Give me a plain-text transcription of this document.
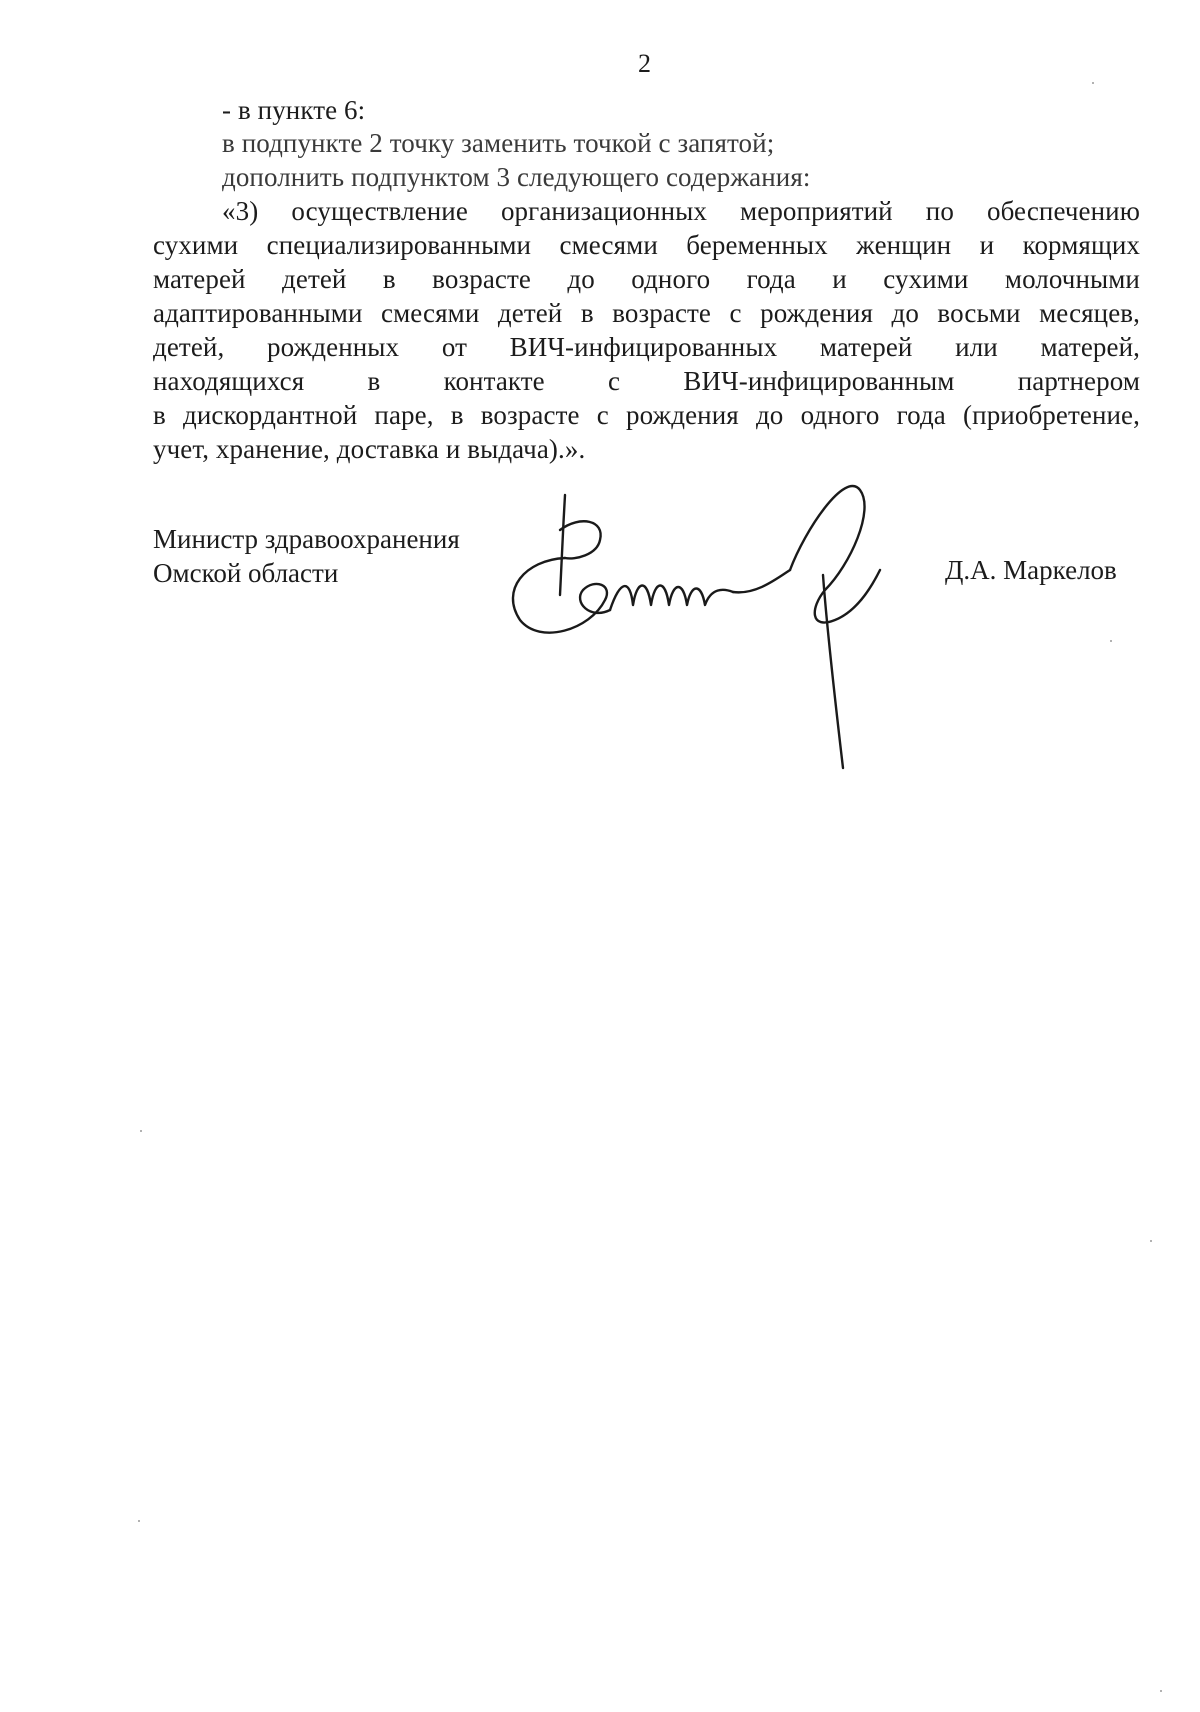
2
- в пункте 6:
в подпункте 2 точку заменить точкой с запятой;
дополнить подпунктом 3 следующего содержания:
«3) осуществление организационных мероприятий по обеспечению
сухими специализированными смесями беременных женщин и кормящих
матерей детей в возрасте до одного года и сухими молочными
адаптированными смесями детей в возрасте с рождения до восьми месяцев,
детей, рожденных от ВИЧ-инфицированных матерей или матерей,
находящихся в контакте с ВИЧ-инфицированным партнером
в дискордантной паре, в возрасте с рождения до одного года (приобретение,
учет, хранение, доставка и выдача).».
Министр здравоохранения
Омской области	Д.А. Маркелов
